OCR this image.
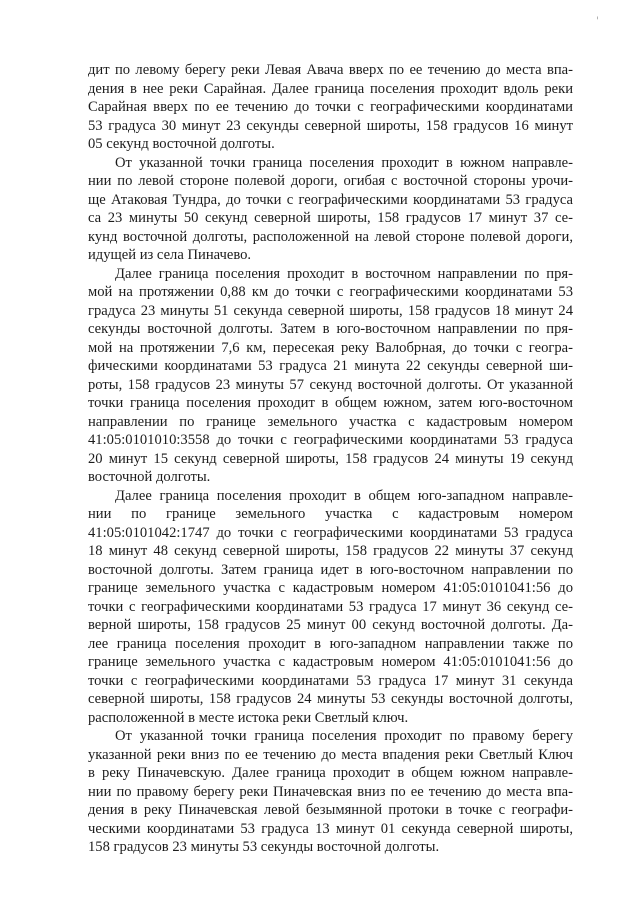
'
дит по левому берегу реки Левая Авача вверх по ее течению до места впа-
дения в нее реки Сарайная. Далее граница поселения проходит вдоль реки
Сарайная вверх по ее течению до точки с географическими координатами
53 градуса 30 минут 23 секунды северной широты, 158 градусов 16 минут
05 секунд восточной долготы.
От указанной точки граница поселения проходит в южном направле-
нии по левой стороне полевой дороги, огибая с восточной стороны урочи-
ще Атаковая Тундра, до точки с географическими координатами 53 градуса
са 23 минуты 50 секунд северной широты, 158 градусов 17 минут 37 се-
кунд восточной долготы, расположенной на левой стороне полевой дороги,
идущей из села Пиначево.
Далее граница поселения проходит в восточном направлении по пря-
мой на протяжении 0,88 км до точки с географическими координатами 53
градуса 23 минуты 51 секунда северной широты, 158 градусов 18 минут 24
секунды восточной долготы. Затем в юго-восточном направлении по пря-
мой на протяжении 7,6 км, пересекая реку Валобрная, до точки с геогра-
фическими координатами 53 градуса 21 минута 22 секунды северной ши-
роты, 158 градусов 23 минуты 57 секунд восточной долготы. От указанной
точки граница поселения проходит в общем южном, затем юго-восточном
направлении по границе земельного участка с кадастровым номером
41:05:0101010:3558 до точки с географическими координатами 53 градуса
20 минут 15 секунд северной широты, 158 градусов 24 минуты 19 секунд
восточной долготы.
Далее граница поселения проходит в общем юго-западном направле-
нии по границе земельного участка с кадастровым номером
41:05:0101042:1747 до точки с географическими координатами 53 градуса
18 минут 48 секунд северной широты, 158 градусов 22 минуты 37 секунд
восточной долготы. Затем граница идет в юго-восточном направлении по
границе земельного участка с кадастровым номером 41:05:0101041:56 до
точки с географическими координатами 53 градуса 17 минут 36 секунд се-
верной широты, 158 градусов 25 минут 00 секунд восточной долготы. Да-
лее граница поселения проходит в юго-западном направлении также по
границе земельного участка с кадастровым номером 41:05:0101041:56 до
точки с географическими координатами 53 градуса 17 минут 31 секунда
северной широты, 158 градусов 24 минуты 53 секунды восточной долготы,
расположенной в месте истока реки Светлый ключ.
От указанной точки граница поселения проходит по правому берегу
указанной реки вниз по ее течению до места впадения реки Светлый Ключ
в реку Пиначевскую. Далее граница проходит в общем южном направле-
нии по правому берегу реки Пиначевская вниз по ее течению до места впа-
дения в реку Пиначевская левой безымянной протоки в точке с географи-
ческими координатами 53 градуса 13 минут 01 секунда северной широты,
158 градусов 23 минуты 53 секунды восточной долготы.
